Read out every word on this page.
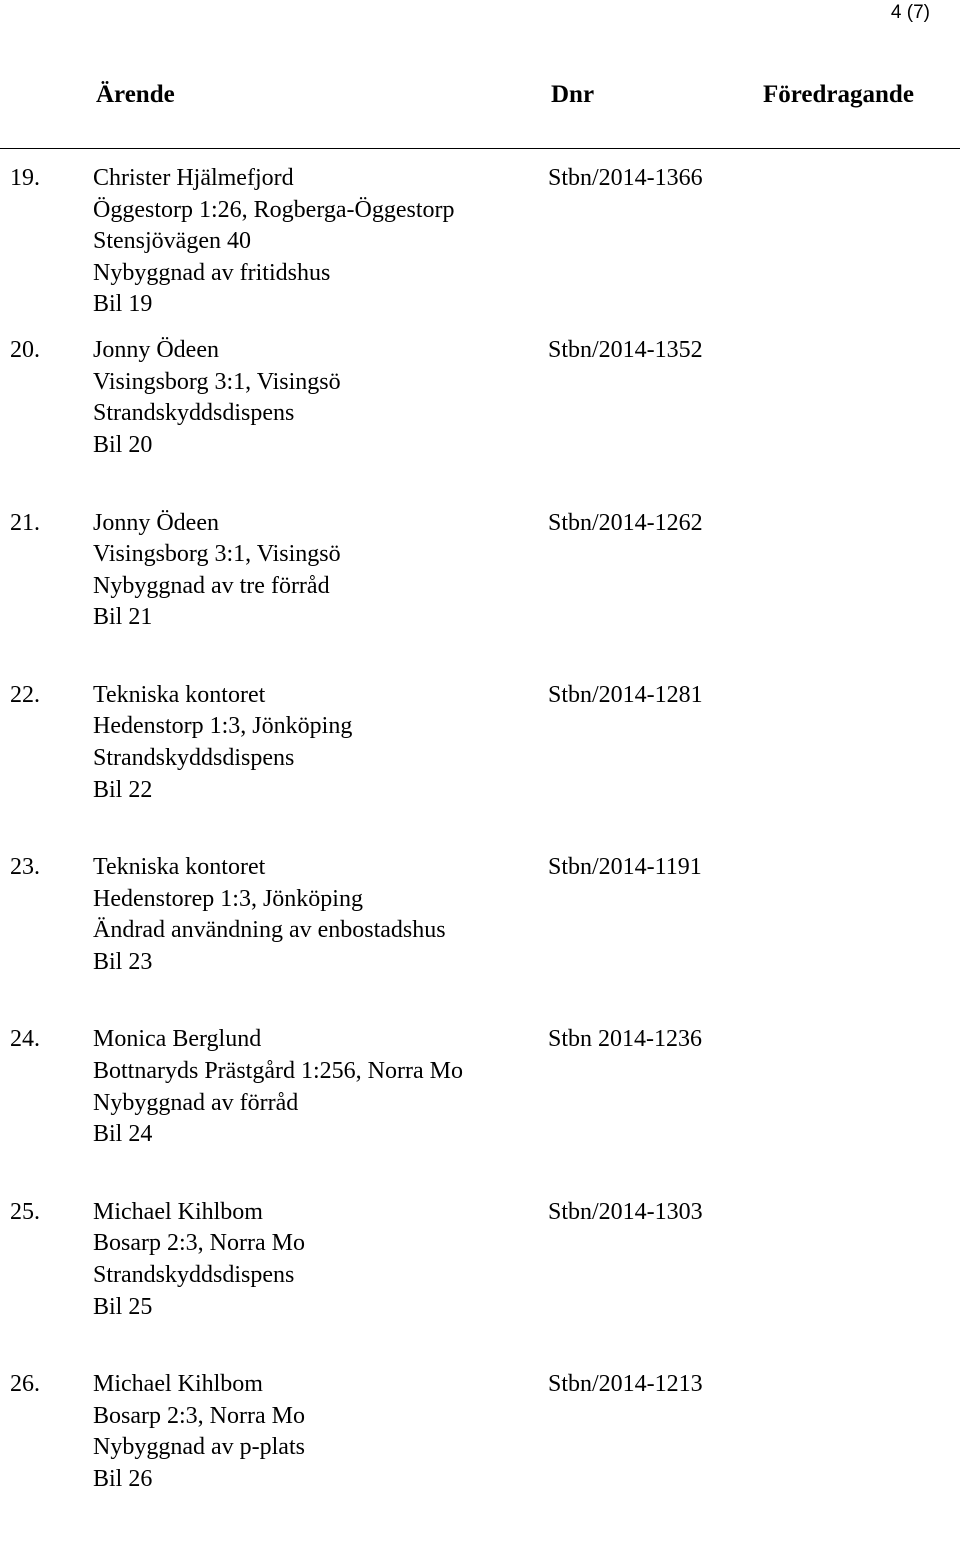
4 (7)
Ärende	Dnr	Föredragande
19. Christer Hjälmefjord
Öggestorp 1:26, Rogberga-Öggestorp
Stensjövägen 40
Nybyggnad av fritidshus
Bil 19
Stbn/2014-1366
20. Jonny Ödeen
Visingsborg 3:1, Visingsö
Strandskyddsdispens
Bil 20
Stbn/2014-1352
21. Jonny Ödeen
Visingsborg 3:1, Visingsö
Nybyggnad av tre förråd
Bil 21
Stbn/2014-1262
22. Tekniska kontoret
Hedenstorp 1:3, Jönköping
Strandskyddsdispens
Bil 22
Stbn/2014-1281
23. Tekniska kontoret
Hedenstorep 1:3, Jönköping
Ändrad användning av enbostadshus
Bil 23
Stbn/2014-1191
24. Monica Berglund
Bottnaryds Prästgård 1:256, Norra Mo
Nybyggnad av förråd
Bil 24
Stbn 2014-1236
25. Michael Kihlbom
Bosarp 2:3, Norra Mo
Strandskyddsdispens
Bil 25
Stbn/2014-1303
26. Michael Kihlbom
Bosarp 2:3, Norra Mo
Nybyggnad av p-plats
Bil 26
Stbn/2014-1213
